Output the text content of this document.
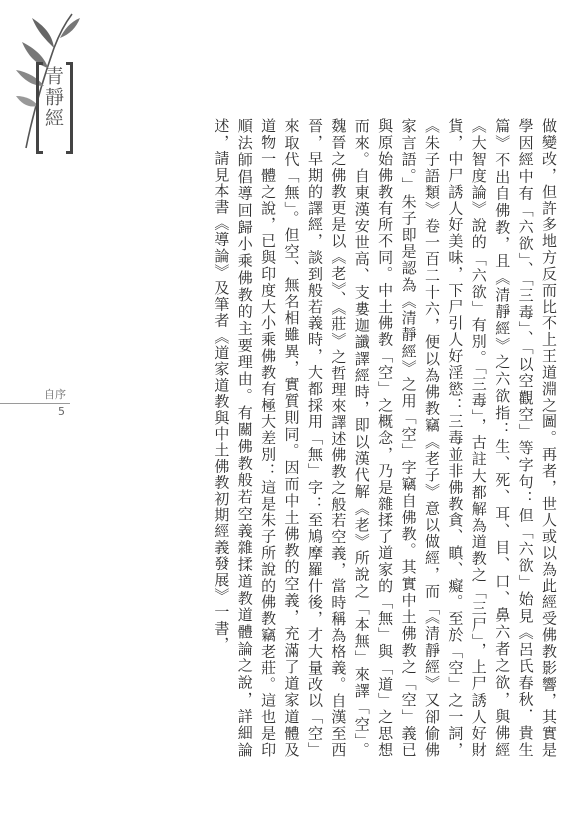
青靜經
自序
5	做變改，但許多地方反而比不上王道淵之圖。再者，世人或以為此經受佛教影響，其實是學因經中有「六欲」、「三毒」、「以空觀空」等字句：但「六欲」始見《呂氏春秋．貴生篇》不出自佛教，且《清靜經》之六欲指：生、死、耳、目、口、鼻六者之欲，與佛經《大智度論》說的「六欲」有別。「三毒」，古註大都解為道教之「三尸」，上尸誘人好財貨，中尸誘人好美味，下尸引人好淫慾：三毒並非佛教貪、瞋、癡。至於「空」之一詞，《朱子語類》卷一百二十六，便以為佛教竊《老子》意以做經，而「《清靜經》又卻偷佛家言語。」朱子即是認為《清靜經》之用「空」字竊自佛教。其實中土佛教之「空」義已與原始佛教有所不同。中土佛教「空」之概念，乃是雜揉了道家的「無」與「道」之思想而來。自東漢安世高、支婁迦讖譯經時，即以漢代解《老》所說之「本無」來譯「空」。魏晉之佛教更是以《老》、《莊》之哲理來譯述佛教之般若空義，當時稱為格義。自漢至西晉，早期的譯經，談到般若義時，大都採用「無」字：至鳩摩羅什後，才大量改以「空」來取代「無」。但空、無名相雖異，實質則同。因而中土佛教的空義，充滿了道家道體及道物一體之說，已與印度大小乘佛教有極大差別：這是朱子所說的佛教竊老莊。這也是印順法師倡導回歸小乘佛教的主要理由。有關佛教般若空義雜揉道教道體論之說，詳細論述，請見本書《導論》及筆者《道家道教與中土佛教初期經義發展》一書，
